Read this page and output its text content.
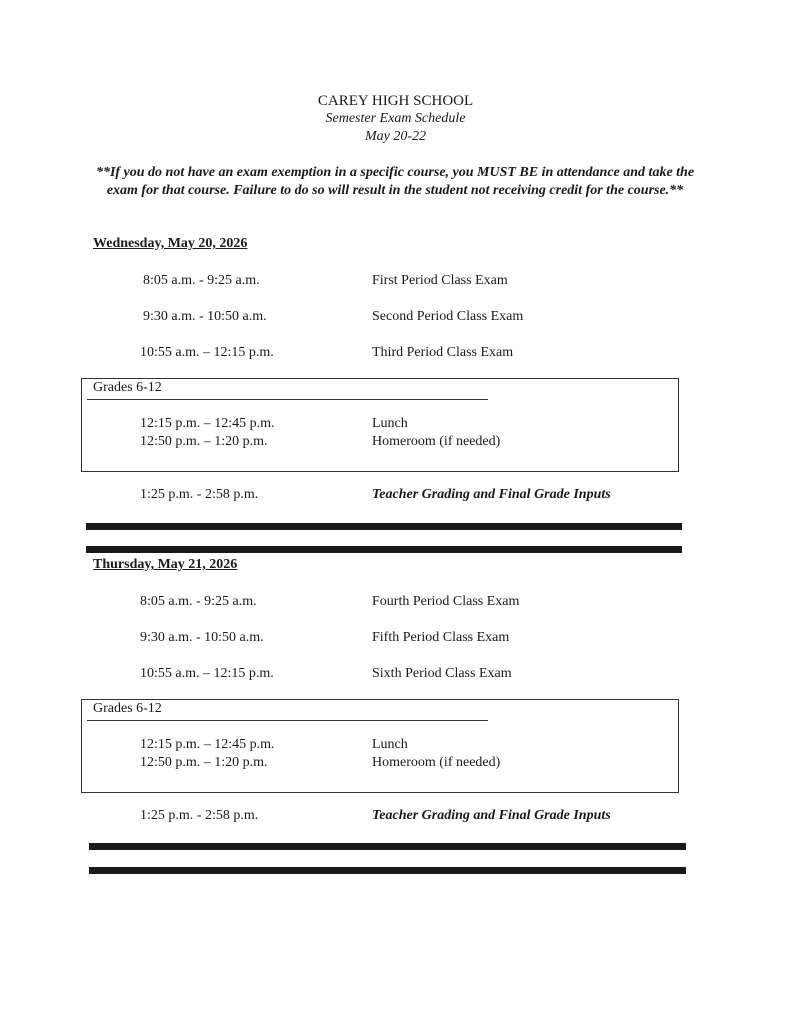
CAREY HIGH SCHOOL
Semester Exam Schedule
May 20-22
**If you do not have an exam exemption in a specific course, you MUST BE in attendance and take the exam for that course. Failure to do so will result in the student not receiving credit for the course.**
Wednesday, May 20, 2026
8:05 a.m. - 9:25 a.m.	First Period Class Exam
9:30 a.m. - 10:50 a.m.	Second Period Class Exam
10:55 a.m. – 12:15 p.m.	Third Period Class Exam
Grades 6-12
12:15 p.m. – 12:45 p.m.	Lunch
12:50 p.m. – 1:20 p.m.	Homeroom (if needed)
1:25 p.m. - 2:58 p.m.	Teacher Grading and Final Grade Inputs
Thursday, May 21, 2026
8:05 a.m. - 9:25 a.m.	Fourth Period Class Exam
9:30 a.m. - 10:50 a.m.	Fifth Period Class Exam
10:55 a.m. – 12:15 p.m.	Sixth Period Class Exam
Grades 6-12
12:15 p.m. – 12:45 p.m.	Lunch
12:50 p.m. – 1:20 p.m.	Homeroom (if needed)
1:25 p.m. - 2:58 p.m.	Teacher Grading and Final Grade Inputs
